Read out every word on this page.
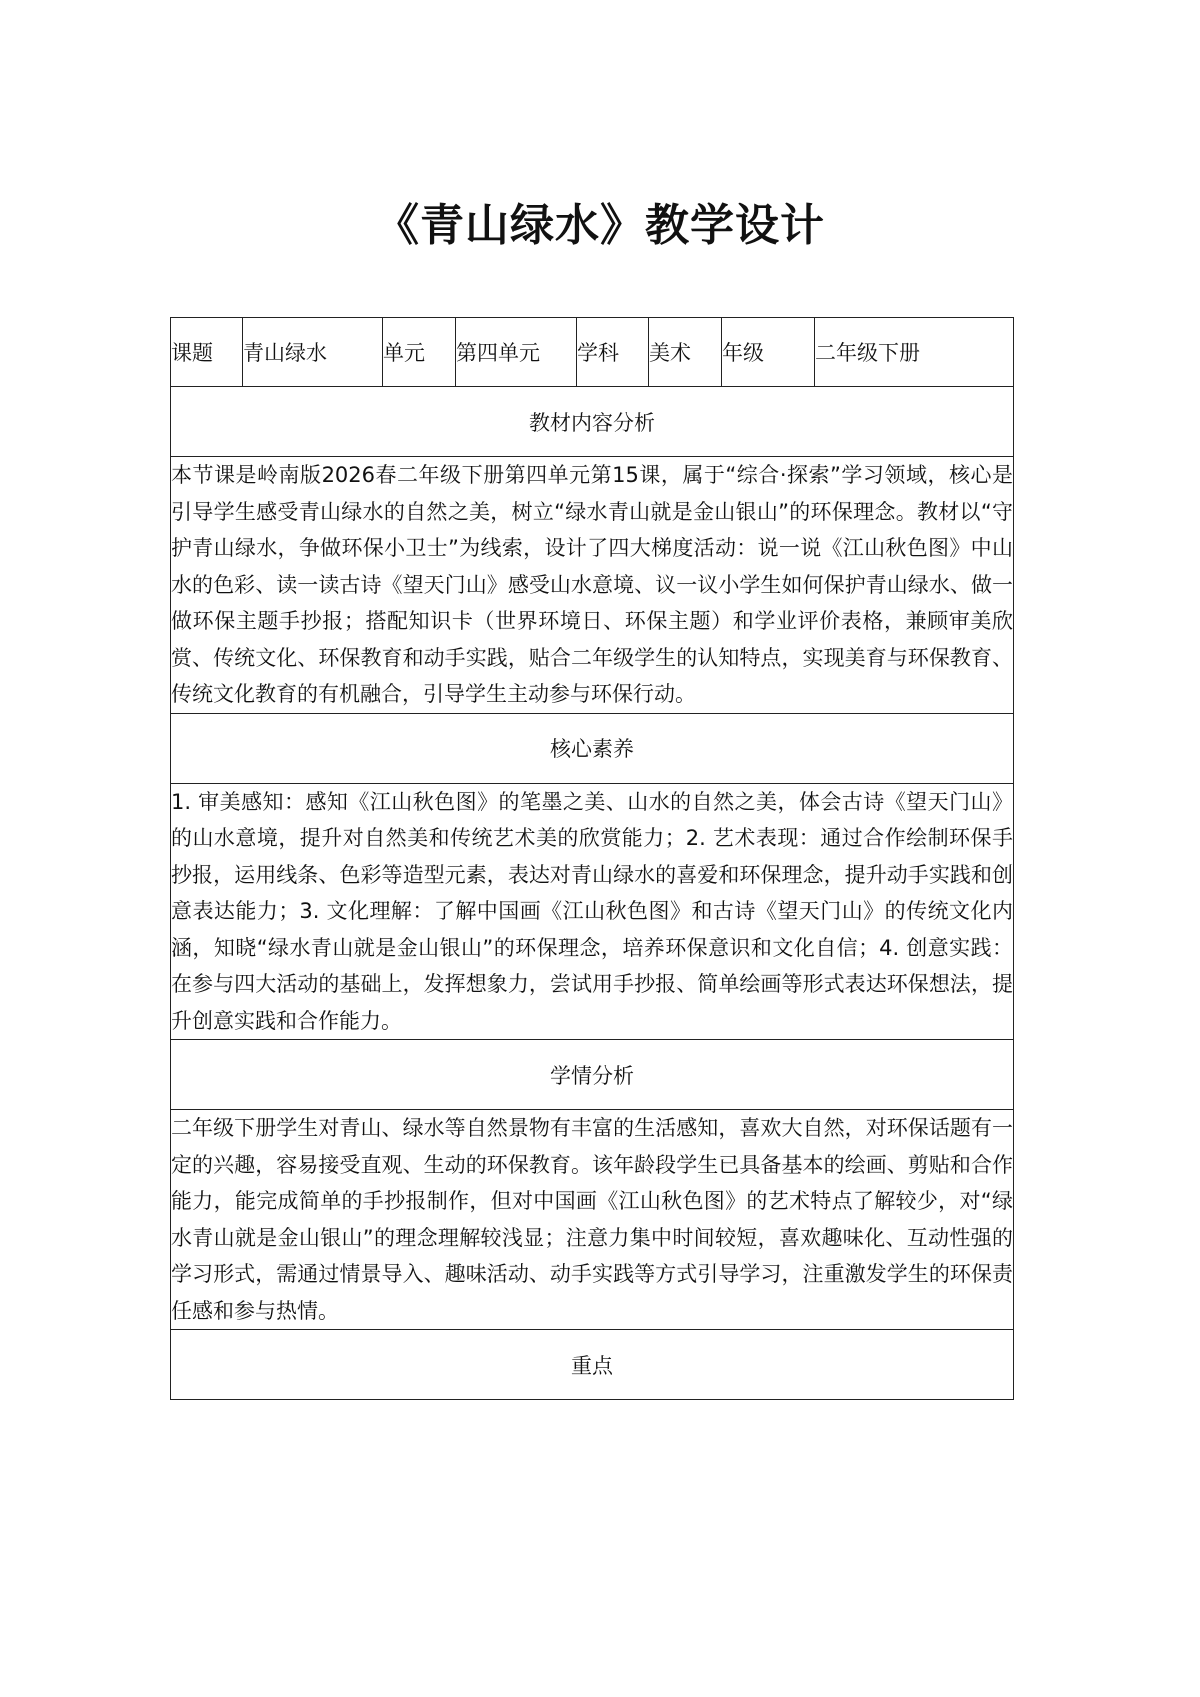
《青山绿水》教学设计
课题	青山绿水	单元	第四单元	学科	美术	年级	二年级下册
教材内容分析
本节课是岭南版2026春二年级下册第四单元第15课，属于“综合·探索”学习领域，核心是引导学生感受青山绿水的自然之美，树立“绿水青山就是金山银山”的环保理念。教材以“守护青山绿水，争做环保小卫士”为线索，设计了四大梯度活动：说一说《江山秋色图》中山水的色彩、读一读古诗《望天门山》感受山水意境、议一议小学生如何保护青山绿水、做一做环保主题手抄报；搭配知识卡（世界环境日、环保主题）和学业评价表格，兼顾审美欣赏、传统文化、环保教育和动手实践，贴合二年级学生的认知特点，实现美育与环保教育、传统文化教育的有机融合，引导学生主动参与环保行动。
核心素养
1. 审美感知：感知《江山秋色图》的笔墨之美、山水的自然之美，体会古诗《望天门山》的山水意境，提升对自然美和传统艺术美的欣赏能力；2. 艺术表现：通过合作绘制环保手抄报，运用线条、色彩等造型元素，表达对青山绿水的喜爱和环保理念，提升动手实践和创意表达能力；3. 文化理解：了解中国画《江山秋色图》和古诗《望天门山》的传统文化内涵，知晓“绿水青山就是金山银山”的环保理念，培养环保意识和文化自信；4. 创意实践：在参与四大活动的基础上，发挥想象力，尝试用手抄报、简单绘画等形式表达环保想法，提升创意实践和合作能力。
学情分析
二年级下册学生对青山、绿水等自然景物有丰富的生活感知，喜欢大自然，对环保话题有一定的兴趣，容易接受直观、生动的环保教育。该年龄段学生已具备基本的绘画、剪贴和合作能力，能完成简单的手抄报制作，但对中国画《江山秋色图》的艺术特点了解较少，对“绿水青山就是金山银山”的理念理解较浅显；注意力集中时间较短，喜欢趣味化、互动性强的学习形式，需通过情景导入、趣味活动、动手实践等方式引导学习，注重激发学生的环保责任感和参与热情。
重点
